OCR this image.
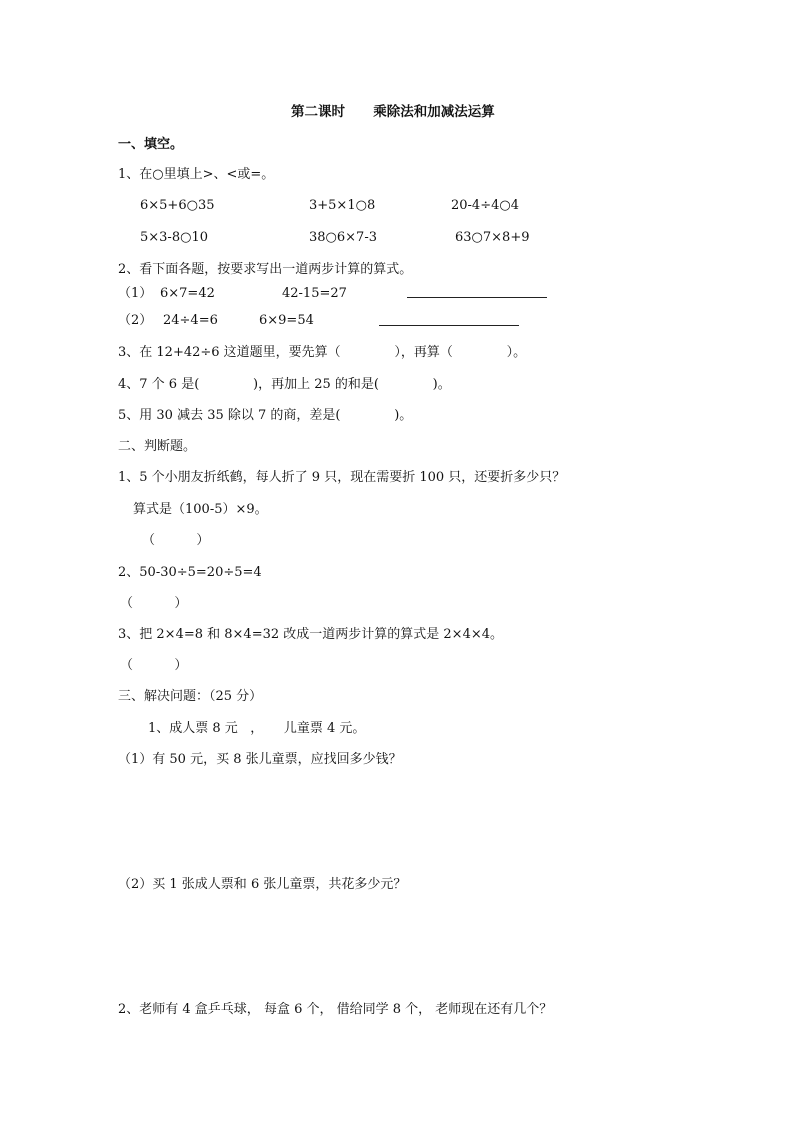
第二课时      乘除法和加减法运算
一、填空。
1、在○里填上>、<或=。
6×5+6○35	3+5×1○8	20-4÷4○4
5×3-8○10	38○6×7-3	63○7×8+9
2、看下面各题，按要求写出一道两步计算的算式。
（1） 6×7=42	42-15=27
（2） 24÷4=6	6×9=54
3、在 12+42÷6 这道题里，要先算（             ），再算（             ）。
4、7 个 6 是(             )，再加上 25 的和是(             )。
5、用 30 减去 35 除以 7 的商，差是(             )。
二、判断题。
1、5 个小朋友折纸鹤，每人折了 9 只，现在需要折 100 只，还要折多少只？
算式是（100-5）×9。
（          ）
2、50-30÷5=20÷5=4
（          ）
3、把 2×4=8 和 8×4=32 改成一道两步计算的算式是 2×4×4。
（          ）
三、解决问题：（25 分）
1、成人票 8 元   ，     儿童票 4 元。
（1）有 50 元，买 8 张儿童票，应找回多少钱？
（2）买 1 张成人票和 6 张儿童票，共花多少元？
2、老师有 4 盒乒乓球， 每盒 6 个， 借给同学 8 个， 老师现在还有几个？
